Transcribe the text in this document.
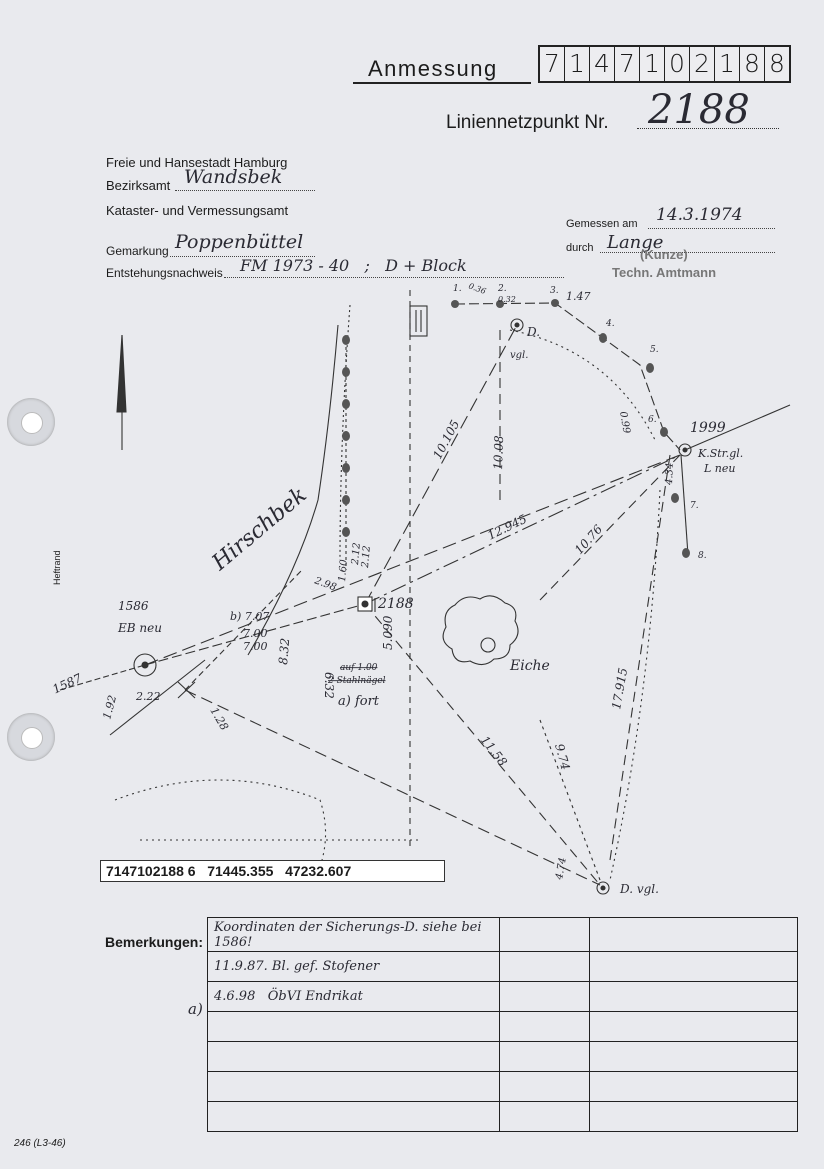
Anmessung 7 1 4 7 1 0 2 1 8 8
Liniennetzpunkt Nr. 2188
Freie und Hansestadt Hamburg
Bezirksamt Wandsbek
Kataster- und Vermessungsamt
Gemarkung Poppenbüttel
Entstehungsnachweis FM 1973 - 40   ;   D + Block
Gemessen am 14.3.1974
durch Lange
(Kunze)
Techn. Amtmann
Heftrand	Hirschbek
2188
1999
K.Str.gl.
L neu
1586
EB neu
1587
D.
vgl.
D. vgl.
Eiche
a) fort
auf 1.00
2 Stahlnägel
1.	2.	3.
4.
5.
6.
7.
8.
10.105 10.08
12.945	10.76
17.915
11.58	9.74
5.090
8.32
6.32
b) 7.07
7.00
7.00
2.12
1.92 2.22
1.28
0.99
1.47
0.36
2.98
1.60
0.32
2.12
4.74
4.34
7147102188 6 71445.355 47232.607
Bemerkungen:
a)
Koordinaten der Sicherungs-D. siehe bei 1586!		
11.9.87. Bl. gef. Stofener		
4.6.98   ÖbVI Endrikat		

246 (L3-46)
